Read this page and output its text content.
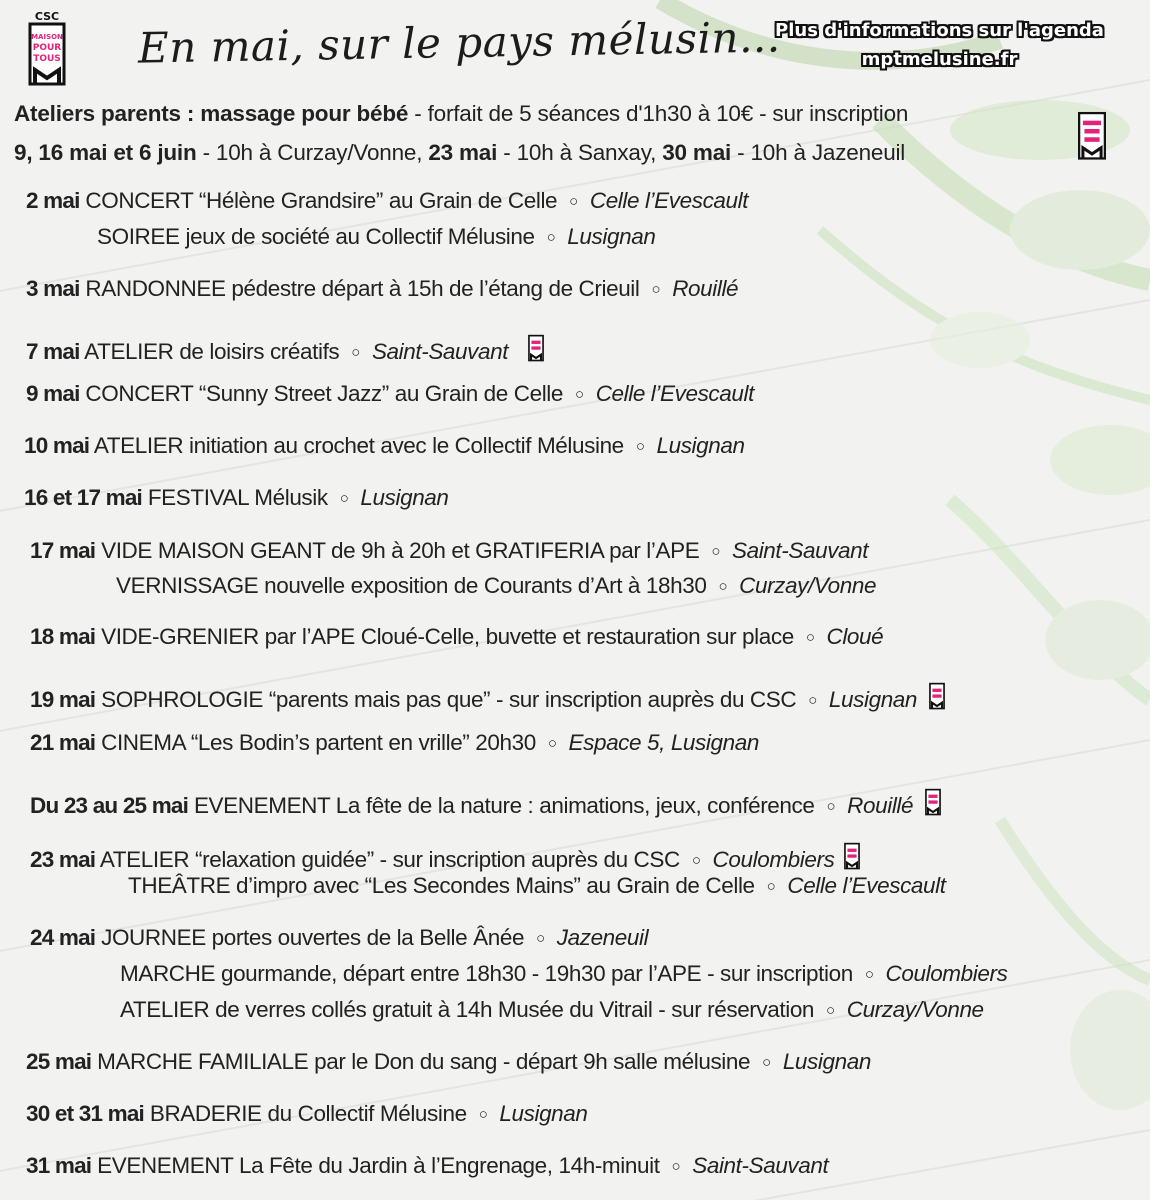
CSC
MAISON
POUR
TOUS En mai, sur le pays mélusin...
Plus d'informations sur l'agenda
mptmelusine.fr
Ateliers parents : massage pour bébé - forfait de 5 séances d'1h30 à 10€ - sur inscription
9, 16 mai et 6 juin - 10h à Curzay/Vonne, 23 mai - 10h à Sanxay, 30 mai - 10h à Jazeneuil
2 mai CONCERT “Hélène Grandsire” au Grain de Celle ○ Celle l’Evescault
SOIREE jeux de société au Collectif Mélusine ○ Lusignan
3 mai RANDONNEE pédestre départ à 15h de l’étang de Crieuil ○ Rouillé
7 mai ATELIER de loisirs créatifs ○ Saint-Sauvant
9 mai CONCERT “Sunny Street Jazz” au Grain de Celle ○ Celle l’Evescault
10 mai ATELIER initiation au crochet avec le Collectif Mélusine ○ Lusignan
16 et 17 mai FESTIVAL Mélusik ○ Lusignan
17 mai VIDE MAISON GEANT de 9h à 20h et GRATIFERIA par l’APE ○ Saint-Sauvant
VERNISSAGE nouvelle exposition de Courants d’Art à 18h30 ○ Curzay/Vonne
18 mai VIDE-GRENIER par l’APE Cloué-Celle, buvette et restauration sur place ○ Cloué
19 mai SOPHROLOGIE “parents mais pas que” - sur inscription auprès du CSC ○ Lusignan
21 mai CINEMA “Les Bodin’s partent en vrille” 20h30 ○ Espace 5, Lusignan
Du 23 au 25 mai EVENEMENT La fête de la nature : animations, jeux, conférence ○ Rouillé
23 mai ATELIER “relaxation guidée” - sur inscription auprès du CSC ○ Coulombiers
THEÂTRE d’impro avec “Les Secondes Mains” au Grain de Celle ○ Celle l’Evescault
24 mai JOURNEE portes ouvertes de la Belle Ânée ○ Jazeneuil
MARCHE gourmande, départ entre 18h30 - 19h30 par l’APE - sur inscription ○ Coulombiers
ATELIER de verres collés gratuit à 14h Musée du Vitrail - sur réservation ○ Curzay/Vonne
25 mai MARCHE FAMILIALE par le Don du sang - départ 9h salle mélusine ○ Lusignan
30 et 31 mai BRADERIE du Collectif Mélusine ○ Lusignan
31 mai EVENEMENT La Fête du Jardin à l’Engrenage, 14h-minuit ○ Saint-Sauvant
